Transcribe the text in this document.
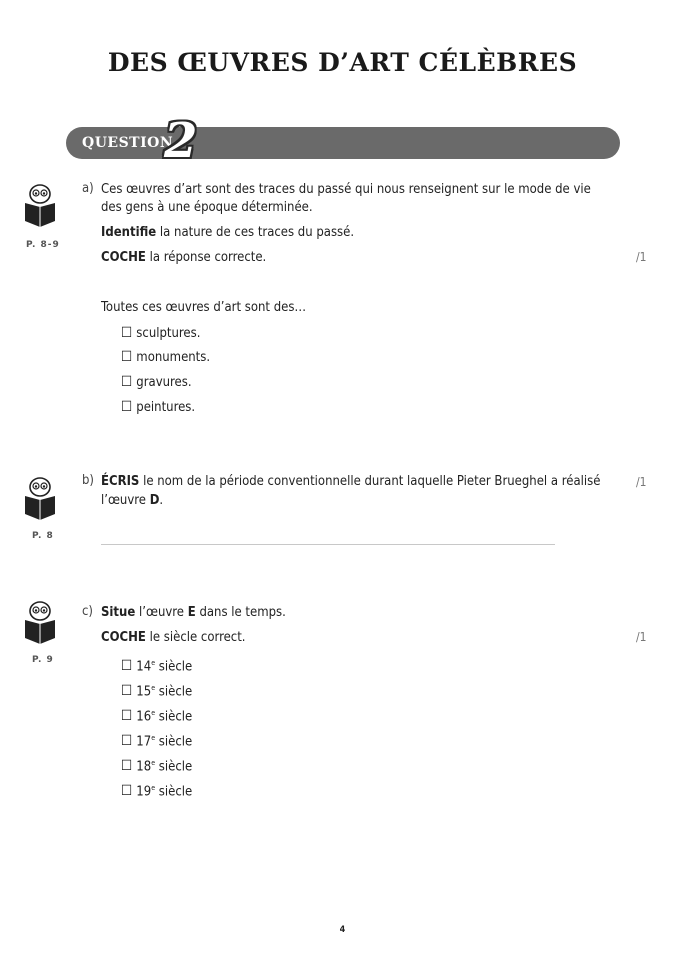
DES ŒUVRES D’ART CÉLÈBRES
QUESTION
2
P. 8-9
P. 8
P. 9
a) Ces œuvres d’art sont des traces du passé qui nous renseignent sur le mode de vie
des gens à une époque déterminée.
Identifie la nature de ces traces du passé.
COCHE la réponse correcte.	/1
Toutes ces œuvres d’art sont des…
☐ sculptures.
☐ monuments.
☐ gravures.
☐ peintures.
b) ÉCRIS le nom de la période conventionnelle durant laquelle Pieter Brueghel a réalisé
l’œuvre D.
/1
c) Situe l’œuvre E dans le temps.
COCHE le siècle correct.	/1
☐ 14e siècle
☐ 15e siècle
☐ 16e siècle
☐ 17e siècle
☐ 18e siècle
☐ 19e siècle
4
